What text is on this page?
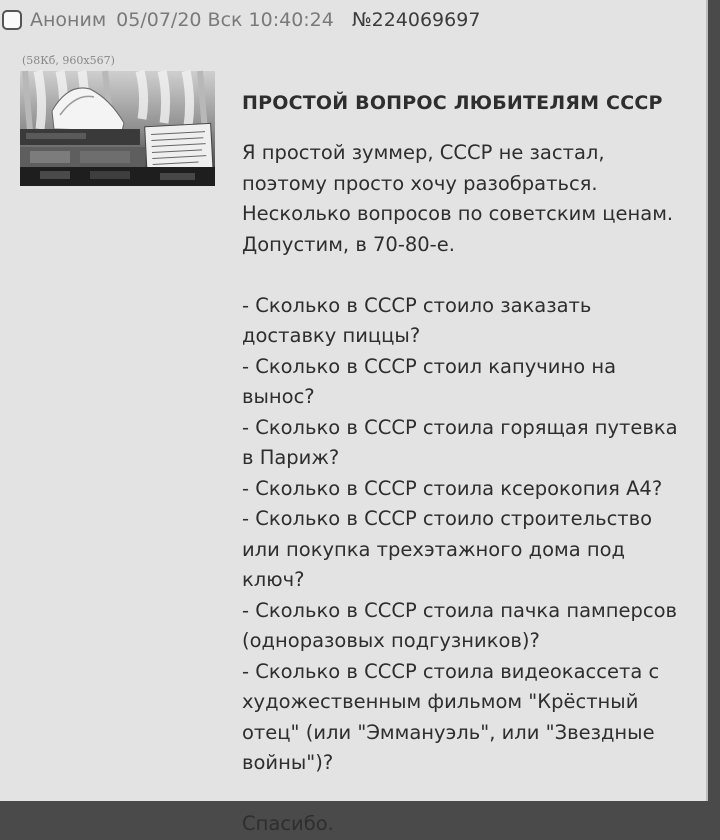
Аноним 05/07/20 Вск 10:40:24 №224069697
(58Кб, 960x567)
ПРОСТОЙ ВОПРОС ЛЮБИТЕЛЯМ СССР
Я простой зуммер, СССР не застал,
поэтому просто хочу разобраться.
Несколько вопросов по советским ценам.
Допустим, в 70-80-е.
- Сколько в СССР стоило заказать
доставку пиццы?
- Сколько в СССР стоил капучино на
вынос?
- Сколько в СССР стоила горящая путевка
в Париж?
- Сколько в СССР стоила ксерокопия А4?
- Сколько в СССР стоило строительство
или покупка трехэтажного дома под
ключ?
- Сколько в СССР стоила пачка памперсов
(одноразовых подгузников)?
- Сколько в СССР стоила видеокассета с
художественным фильмом "Крёстный
отец" (или "Эммануэль", или "Звездные
войны")?
Спасибо.
